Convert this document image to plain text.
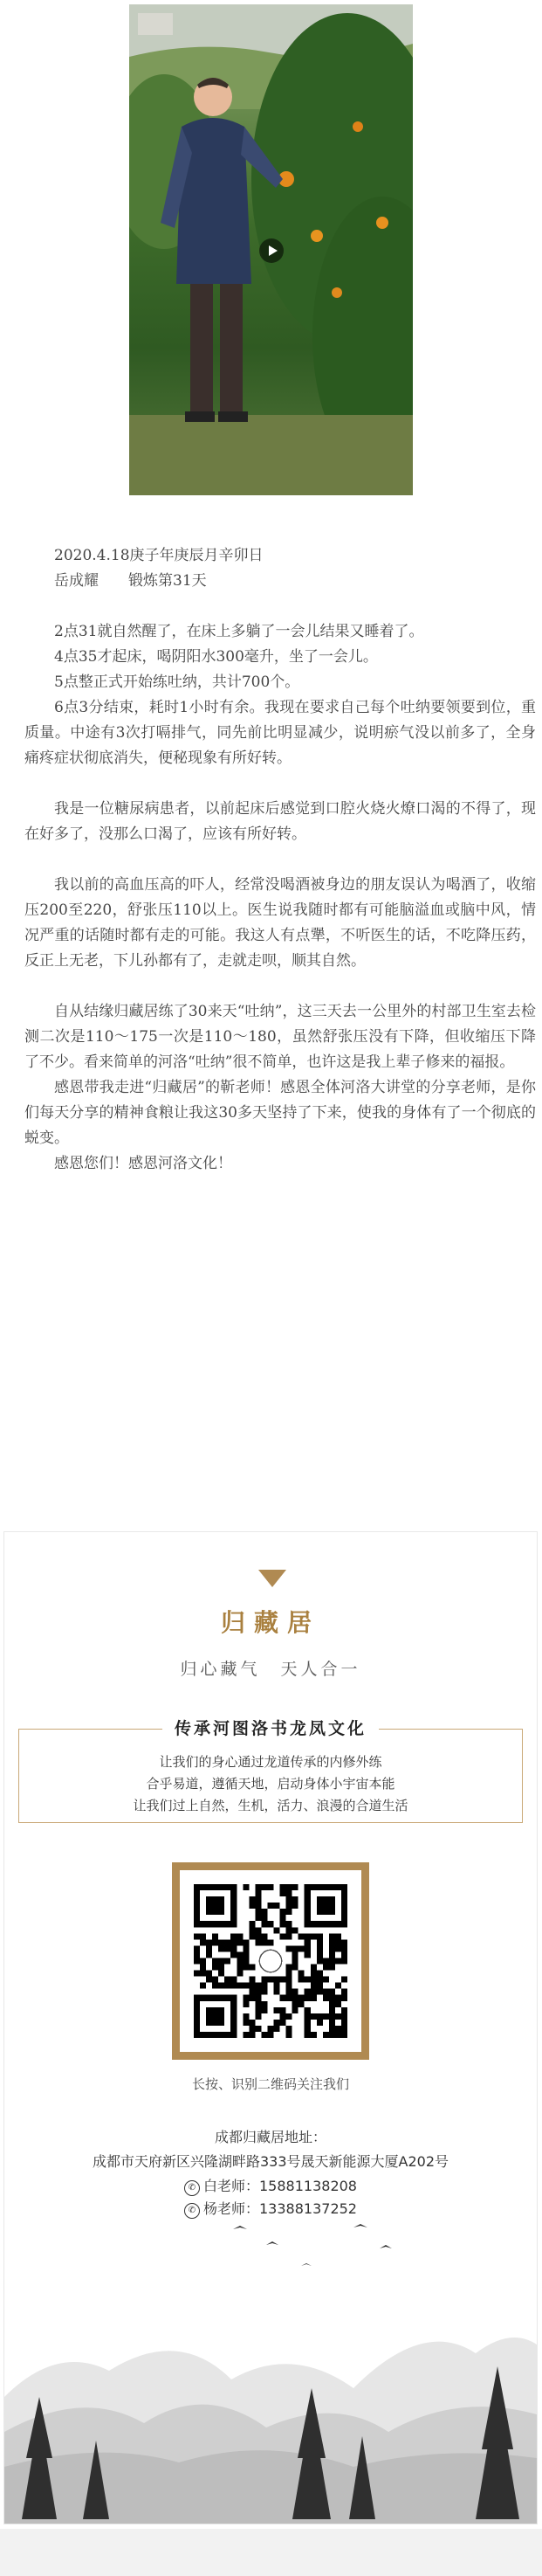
2020.4.18庚子年庚辰月辛卯日

岳成耀　　锻炼第31天

2点31就自然醒了，在床上多躺了一会儿结果又睡着了。

4点35才起床，喝阴阳水300毫升，坐了一会儿。

5点整正式开始练吐纳，共计700个。

6点3分结束，耗时1小时有余。我现在要求自己每个吐纳要领要到位，重质量。中途有3次打嗝排气，同先前比明显减少，说明瘀气没以前多了，全身痛疼症状彻底消失，便秘现象有所好转。

我是一位糖尿病患者，以前起床后感觉到口腔火烧火燎口渴的不得了，现在好多了，没那么口渴了，应该有所好转。

我以前的高血压高的吓人，经常没喝酒被身边的朋友误认为喝酒了，收缩压200至220，舒张压110以上。医生说我随时都有可能脑溢血或脑中风，情况严重的话随时都有走的可能。我这人有点犟，不听医生的话，不吃降压药，反正上无老，下儿孙都有了，走就走呗，顺其自然。

自从结缘归藏居练了30来天“吐纳”，这三天去一公里外的村部卫生室去检测二次是110～175一次是110～180，虽然舒张压没有下降，但收缩压下降了不少。看来简单的河洛“吐纳”很不简单，也许这是我上辈子修来的福报。

感恩带我走进“归藏居”的靳老师！感恩全体河洛大讲堂的分享老师，是你们每天分享的精神食粮让我这30多天坚持了下来，使我的身体有了一个彻底的蜕变。

感恩您们！感恩河洛文化！

归藏居
归心藏气　天人合一
传承河图洛书龙凤文化
让我们的身心通过龙道传承的内修外练
合乎易道，遵循天地，启动身体小宇宙本能
让我们过上自然，生机，活力、浪漫的合道生活
长按、识别二维码关注我们
成都归藏居地址：
成都市天府新区兴隆湖畔路333号晟天新能源大厦A202号
✆ 白老师：15881138208
✆ 杨老师：13388137252
